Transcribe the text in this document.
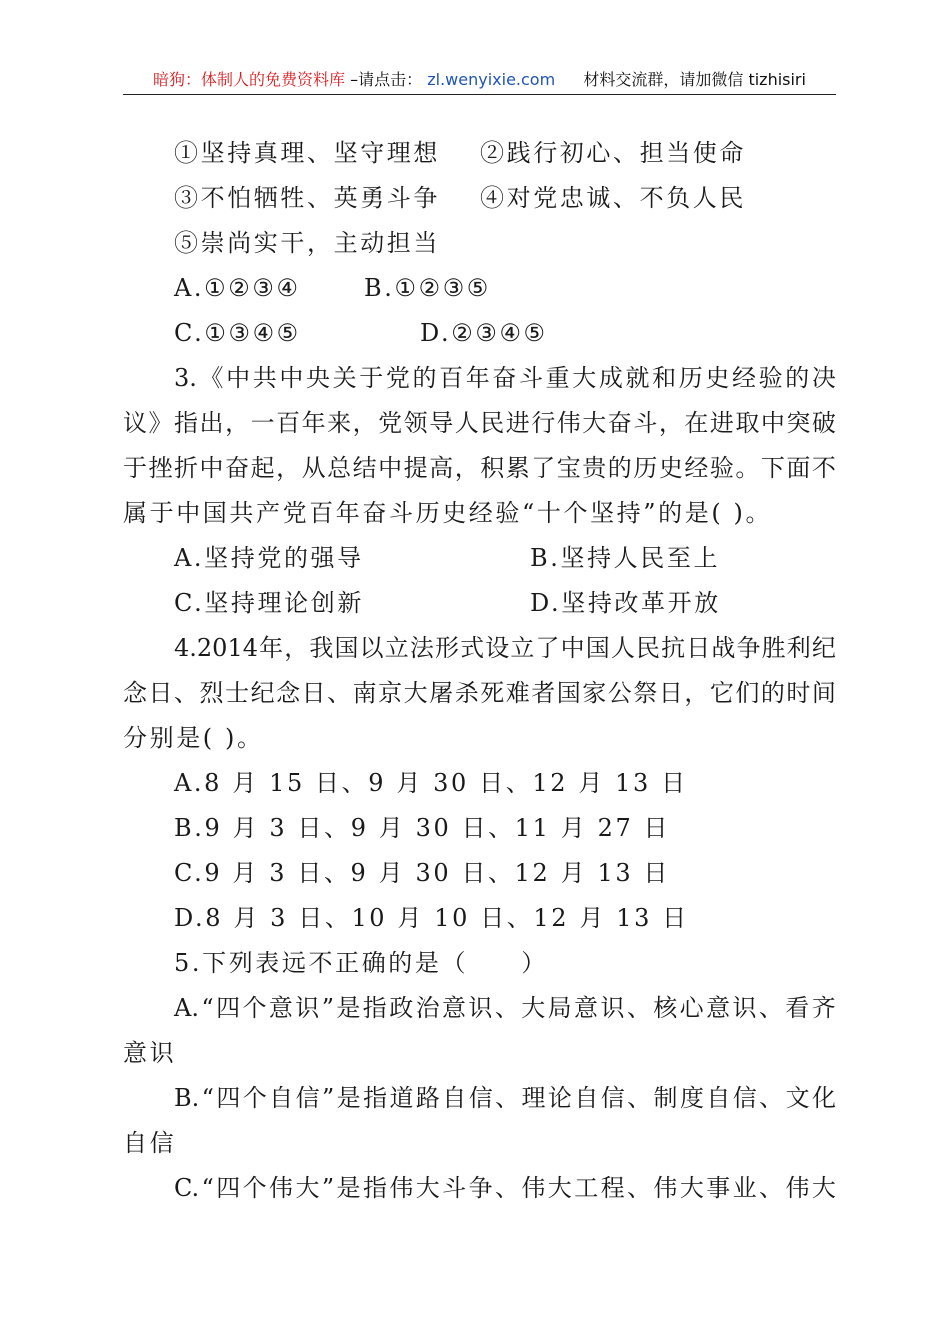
暗狗：体制人的免费资料库 –请点击： zl.wenyixie.com 材料交流群，请加微信 tizhisiri
①坚持真理、坚守理想 ②践行初心、担当使命
③不怕牺牲、英勇斗争 ④对党忠诚、不负人民
⑤崇尚实干，主动担当
A.①②③④	B.①②③⑤
C.①③④⑤	D.②③④⑤
3. 《 中 共 中 央 关 于 党 的 百 年 奋 斗 重 大 成 就 和 历 史 经 验 的 决
议 》 指 出 ， 一 百 年 来 ， 党 领 导 人 民 进 行 伟 大 奋 斗 ， 在 进 取 中 突 破
于 挫 折 中 奋 起 ， 从 总 结 中 提 高 ， 积 累 了 宝 贵 的 历 史 经 验 。 下 面 不
属于中国共产党百年奋斗历史经验“十个坚持”的是( )。
A.坚持党的强导	B.坚持人民至上
C.坚持理论创新	D.坚持改革开放
4.2014 年 ， 我 国 以 立 法 形 式 设 立 了 中 国 人 民 抗 日 战 争 胜 利 纪
念 日 、 烈 士 纪 念 日 、 南 京 大 屠 杀 死 难 者 国 家 公 祭 日 ， 它 们 的 时 间
分别是( )。
A.8 月 15 日、9 月 30 日、12 月 13 日
B.9 月 3 日、9 月 30 日、11 月 27 日
C.9 月 3 日、9 月 30 日、12 月 13 日
D.8 月 3 日、10 月 10 日、12 月 13 日
5.下列表远不正确的是（　　）
A. “ 四 个 意 识 ” 是 指 政 治 意 识 、 大 局 意 识 、 核 心 意 识 、 看 齐
意识
B. “ 四 个 自 信 ” 是 指 道 路 自 信 、 理 论 自 信 、 制 度 自 信 、 文 化
自信
C. “ 四 个 伟 大 ” 是 指 伟 大 斗 争 、 伟 大 工 程 、 伟 大 事 业 、 伟 大
